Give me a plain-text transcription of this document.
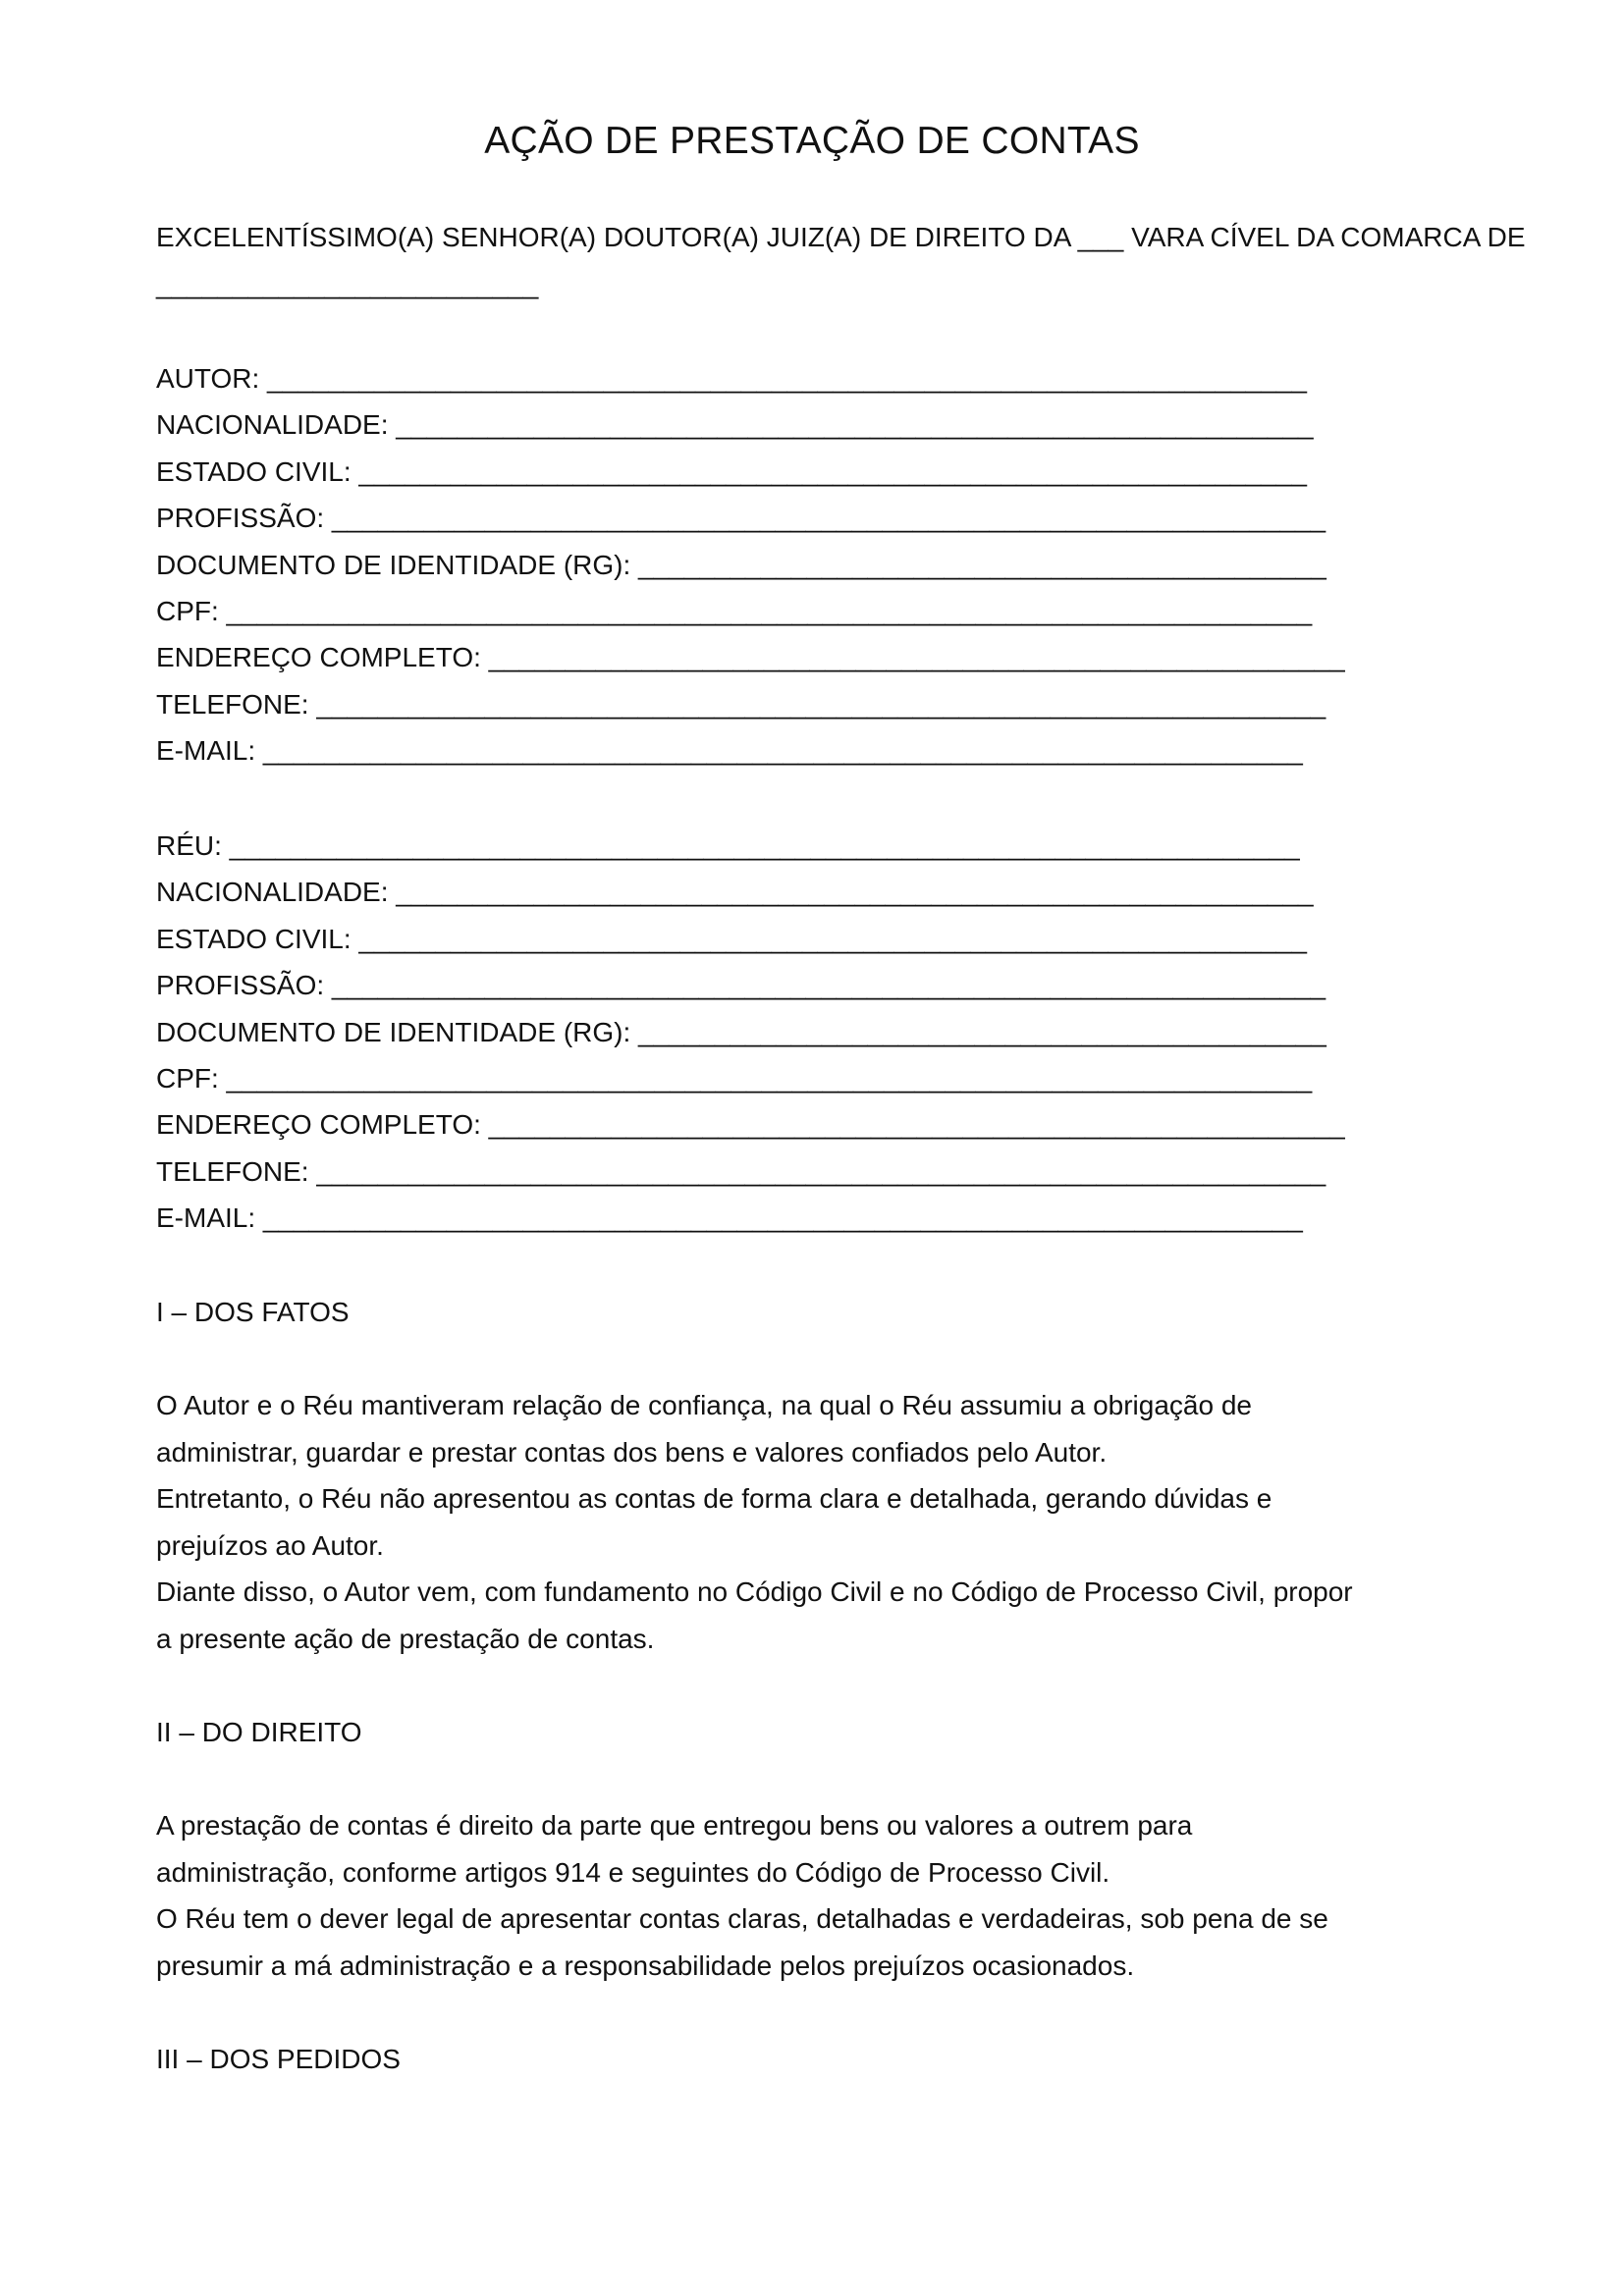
AÇÃO DE PRESTAÇÃO DE CONTAS

EXCELENTÍSSIMO(A) SENHOR(A) DOUTOR(A) JUIZ(A) DE DIREITO DA ___ VARA CÍVEL DA COMARCA DE
_________________________

AUTOR: ____________________________________________________________________
NACIONALIDADE: ____________________________________________________________
ESTADO CIVIL: ______________________________________________________________
PROFISSÃO: _________________________________________________________________
DOCUMENTO DE IDENTIDADE (RG): _____________________________________________
CPF: _______________________________________________________________________
ENDEREÇO COMPLETO: ________________________________________________________
TELEFONE: __________________________________________________________________
E-MAIL: ____________________________________________________________________
RÉU: ______________________________________________________________________
NACIONALIDADE: ____________________________________________________________
ESTADO CIVIL: ______________________________________________________________
PROFISSÃO: _________________________________________________________________
DOCUMENTO DE IDENTIDADE (RG): _____________________________________________
CPF: _______________________________________________________________________
ENDEREÇO COMPLETO: ________________________________________________________
TELEFONE: __________________________________________________________________
E-MAIL: ____________________________________________________________________
I – DOS FATOS

O Autor e o Réu mantiveram relação de confiança, na qual o Réu assumiu a obrigação de
administrar, guardar e prestar contas dos bens e valores confiados pelo Autor.
Entretanto, o Réu não apresentou as contas de forma clara e detalhada, gerando dúvidas e
prejuízos ao Autor.
Diante disso, o Autor vem, com fundamento no Código Civil e no Código de Processo Civil, propor
a presente ação de prestação de contas.

II – DO DIREITO

A prestação de contas é direito da parte que entregou bens ou valores a outrem para
administração, conforme artigos 914 e seguintes do Código de Processo Civil.
O Réu tem o dever legal de apresentar contas claras, detalhadas e verdadeiras, sob pena de se
presumir a má administração e a responsabilidade pelos prejuízos ocasionados.

III – DOS PEDIDOS
